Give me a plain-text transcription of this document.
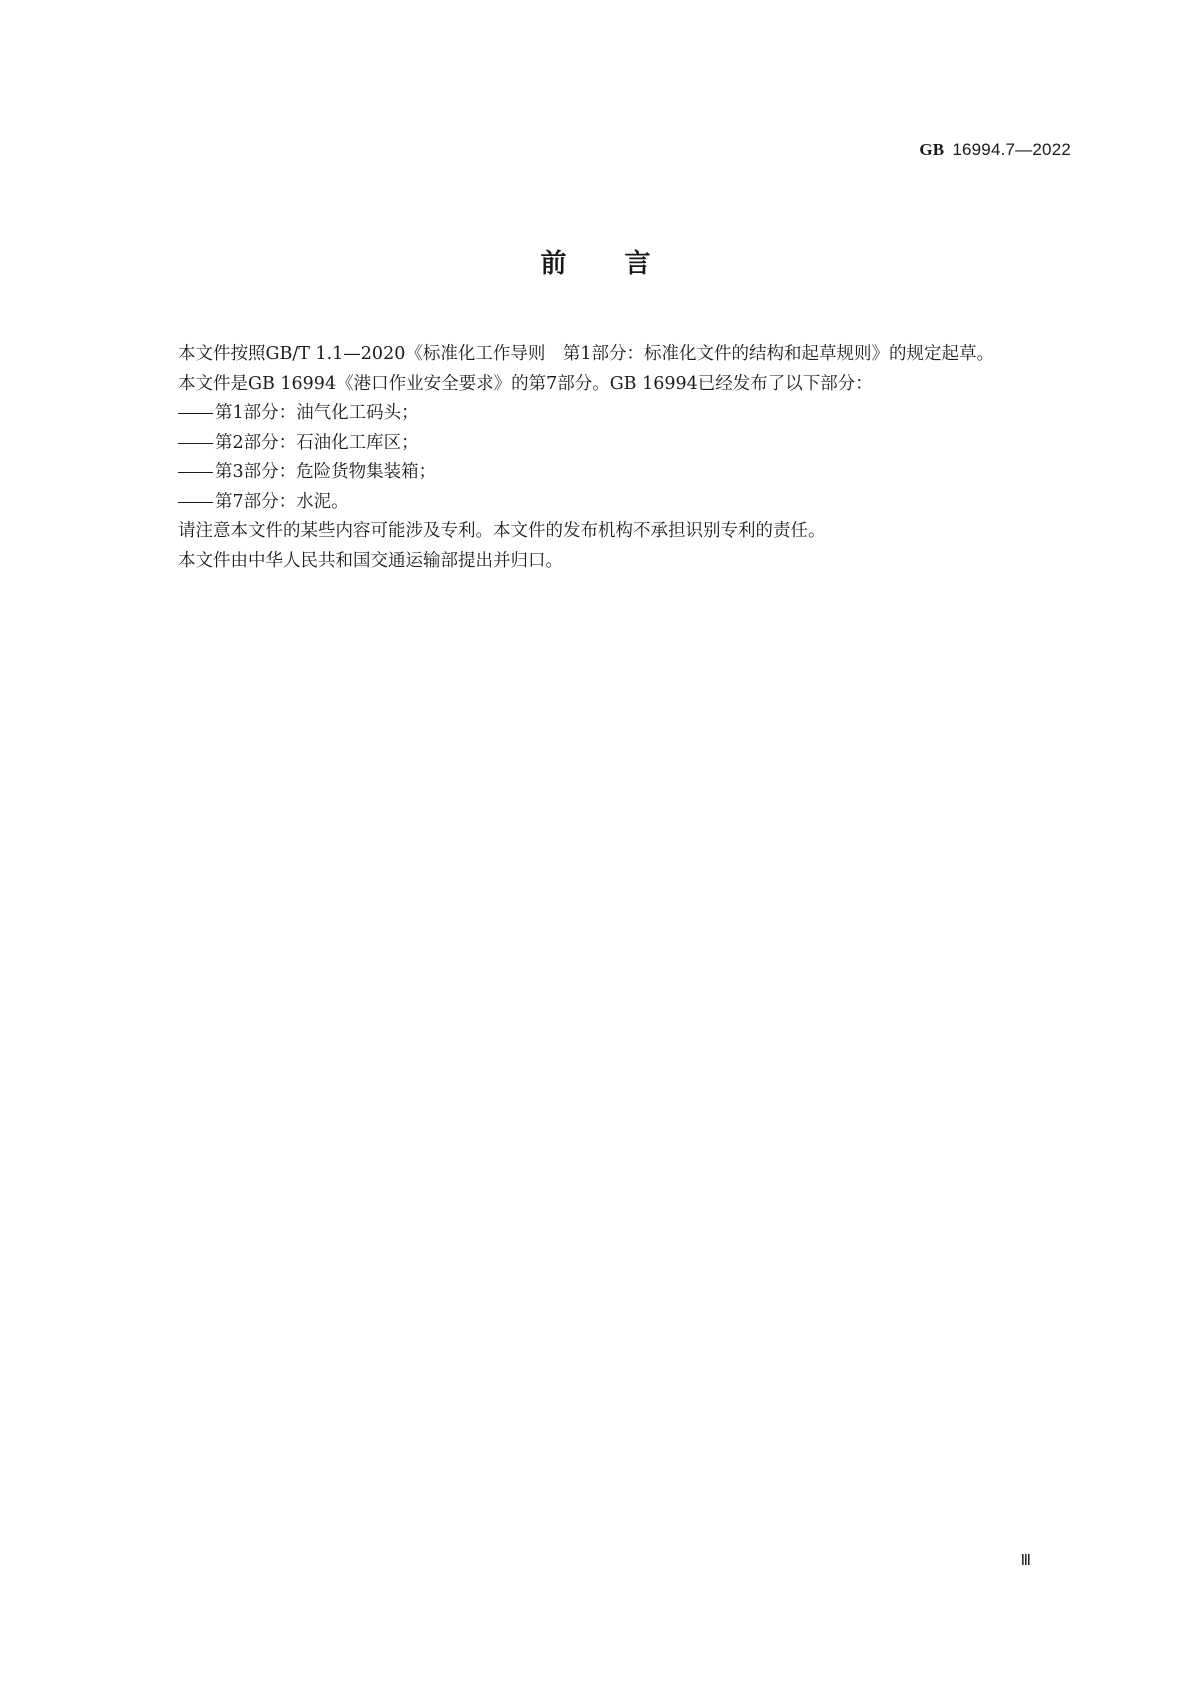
GB 16994.7—2022
前言

本文件按照GB/T 1.1—2020《标准化工作导则　第1部分：标准化文件的结构和起草规则》的规定起草。

本文件是GB 16994《港口作业安全要求》的第7部分。GB 16994已经发布了以下部分：

第1部分：油气化工码头；

第2部分：石油化工库区；

第3部分：危险货物集装箱；

第7部分：水泥。

请注意本文件的某些内容可能涉及专利。本文件的发布机构不承担识别专利的责任。

本文件由中华人民共和国交通运输部提出并归口。

Ⅲ
